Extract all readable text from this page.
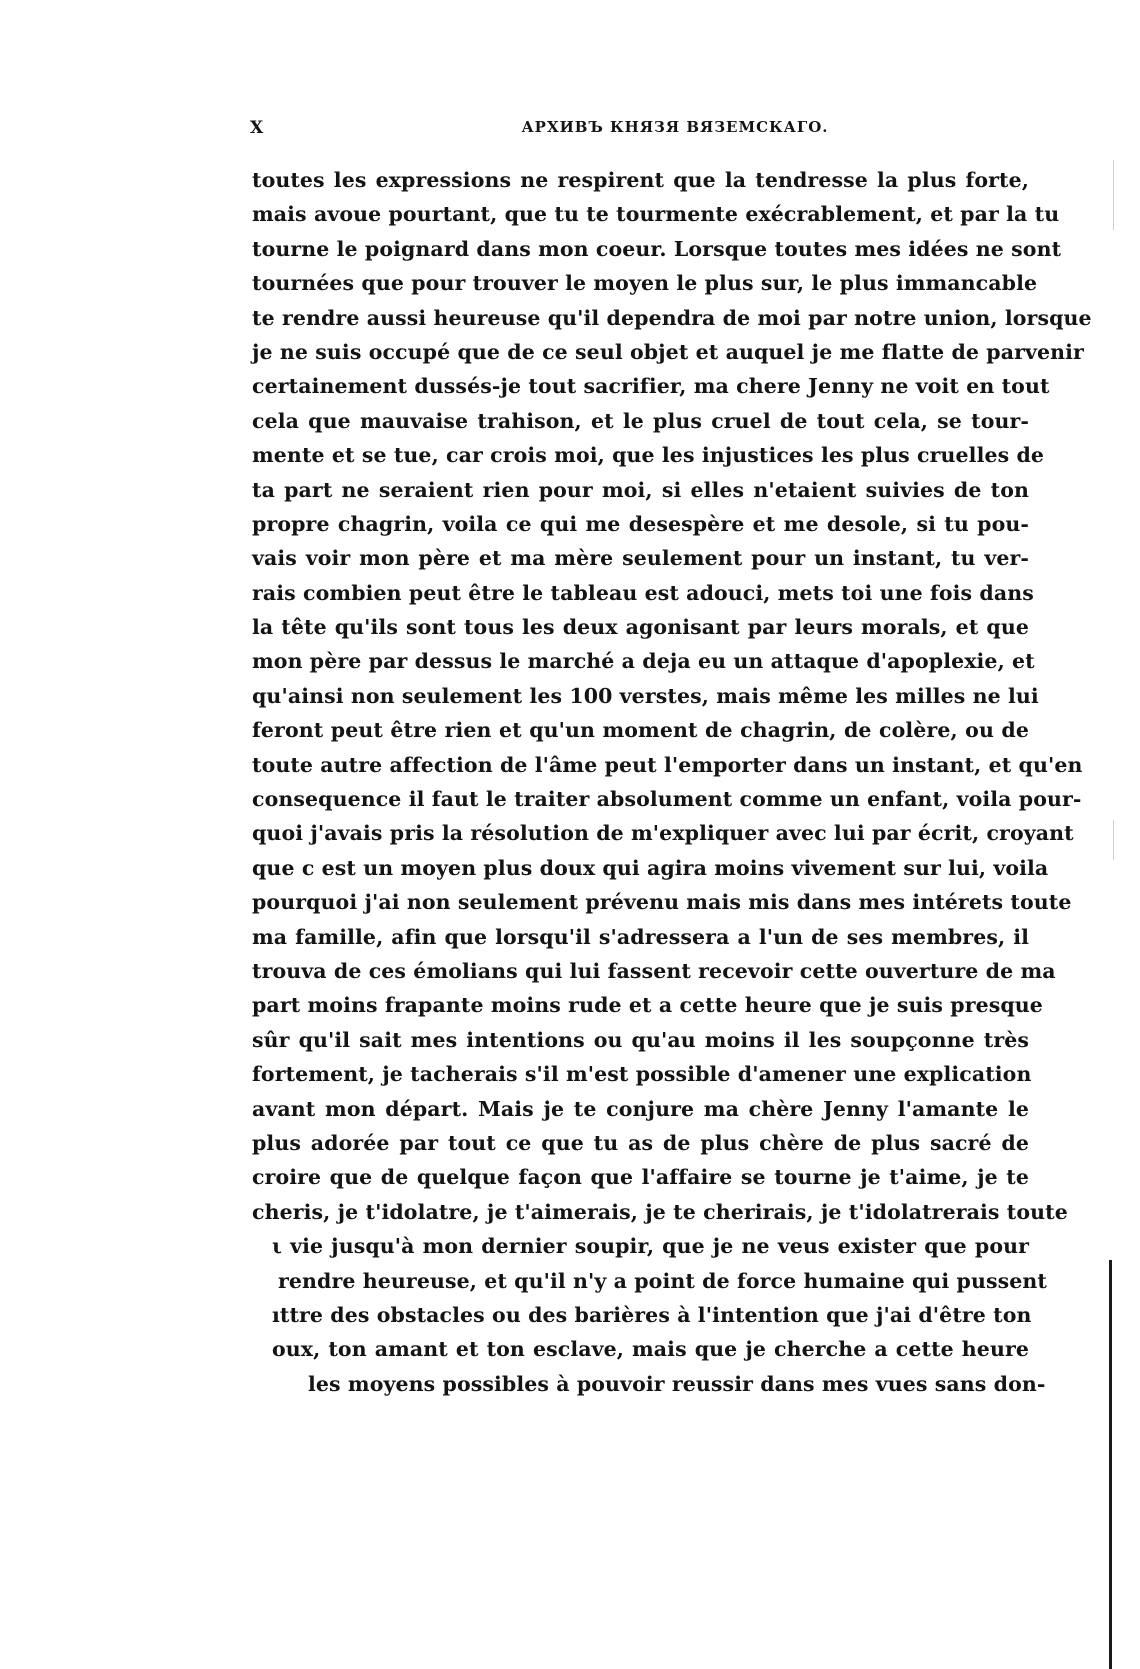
X	АРХИВЪ КНЯЗЯ ВЯЗЕМСКАГО.
toutes les expressions ne respirent que la tendresse la plus forte,
mais avoue pourtant, que tu te tourmente exécrablement, et par la tu
tourne le poignard dans mon coeur. Lorsque toutes mes idées ne sont
tournées que pour trouver le moyen le plus sur, le plus immancable
te rendre aussi heureuse qu'il dependra de moi par notre union, lorsque
je ne suis occupé que de ce seul objet et auquel je me flatte de parvenir
certainement dussés-je tout sacrifier, ma chere Jenny ne voit en tout
cela que mauvaise trahison, et le plus cruel de tout cela, se tour-
mente et se tue, car crois moi, que les injustices les plus cruelles de
ta part ne seraient rien pour moi, si elles n'etaient suivies de ton
propre chagrin, voila ce qui me desespère et me desole, si tu pou-
vais voir mon père et ma mère seulement pour un instant, tu ver-
rais combien peut être le tableau est adouci, mets toi une fois dans
la tête qu'ils sont tous les deux agonisant par leurs morals, et que
mon père par dessus le marché a deja eu un attaque d'apoplexie, et
qu'ainsi non seulement les 100 verstes, mais même les milles ne lui
feront peut être rien et qu'un moment de chagrin, de colère, ou de
toute autre affection de l'âme peut l'emporter dans un instant, et qu'en
consequence il faut le traiter absolument comme un enfant, voila pour-
quoi j'avais pris la résolution de m'expliquer avec lui par écrit, croyant
que c est un moyen plus doux qui agira moins vivement sur lui, voila
pourquoi j'ai non seulement prévenu mais mis dans mes intérets toute
ma famille, afin que lorsqu'il s'adressera a l'un de ses membres, il
trouva de ces émolians qui lui fassent recevoir cette ouverture de ma
part moins frapante moins rude et a cette heure que je suis presque
sûr qu'il sait mes intentions ou qu'au moins il les soupçonne très
fortement, je tacherais s'il m'est possible d'amener une explication
avant mon départ. Mais je te conjure ma chère Jenny l'amante le
plus adorée par tout ce que tu as de plus chère de plus sacré de
croire que de quelque façon que l'affaire se tourne je t'aime, je te
cheris, je t'idolatre, je t'aimerais, je te cherirais, je t'idolatrerais toute
ι vie jusqu'à mon dernier soupir, que je ne veus exister que pour
rendre heureuse, et qu'il n'y a point de force humaine qui pussent
ıttre des obstacles ou des barières à l'intention que j'ai d'être ton
oux, ton amant et ton esclave, mais que je cherche a cette heure
les moyens possibles à pouvoir reussir dans mes vues sans don-
